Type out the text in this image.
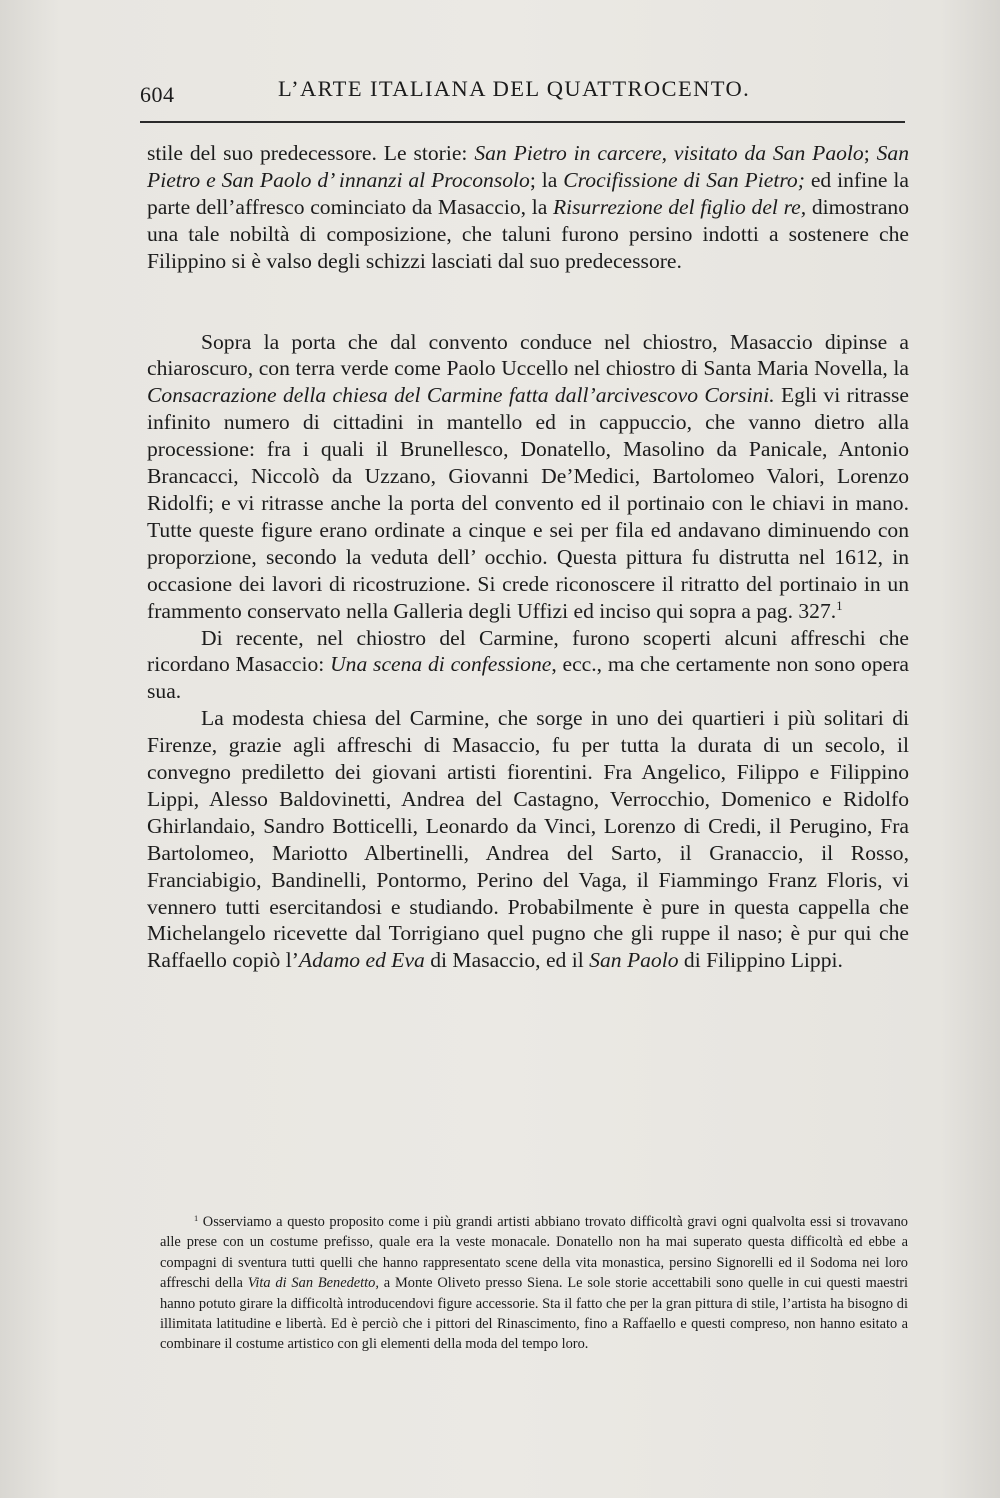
604	L’ARTE ITALIANA DEL QUATTROCENTO.

stile del suo predecessore. Le storie: San Pietro in carcere, visitato da San Paolo; San Pietro e San Paolo d’ innanzi al Proconsolo; la Crocifissione di San Pietro; ed infine la parte dell’affresco cominciato da Masaccio, la Risurrezione del figlio del re, dimostrano una tale nobiltà di composizione, che taluni furono persino indotti a sostenere che Filippino si è valso degli schizzi lasciati dal suo predecessore.

Sopra la porta che dal convento conduce nel chiostro, Masaccio dipinse a chiaroscuro, con terra verde come Paolo Uccello nel chiostro di Santa Maria Novella, la Consacrazione della chiesa del Carmine fatta dall’arcivescovo Corsini. Egli vi ritrasse infinito numero di cittadini in mantello ed in cappuccio, che vanno dietro alla processione: fra i quali il Brunellesco, Donatello, Masolino da Panicale, Antonio Brancacci, Niccolò da Uzzano, Giovanni De’Medici, Bartolomeo Valori, Lorenzo Ridolfi; e vi ritrasse anche la porta del convento ed il portinaio con le chiavi in mano. Tutte queste figure erano ordinate a cinque e sei per fila ed andavano diminuendo con proporzione, secondo la veduta dell’ occhio. Questa pittura fu distrutta nel 1612, in occasione dei lavori di ricostruzione. Si crede riconoscere il ritratto del portinaio in un frammento conservato nella Galleria degli Uffizi ed inciso qui sopra a pag. 327.$^1$

Di recente, nel chiostro del Carmine, furono scoperti alcuni affreschi che ricordano Masaccio: Una scena di confessione, ecc., ma che certamente non sono opera sua.

La modesta chiesa del Carmine, che sorge in uno dei quartieri i più solitari di Firenze, grazie agli affreschi di Masaccio, fu per tutta la durata di un secolo, il convegno prediletto dei giovani artisti fiorentini. Fra Angelico, Filippo e Filippino Lippi, Alesso Baldovinetti, Andrea del Castagno, Verrocchio, Domenico e Ridolfo Ghirlandaio, Sandro Botticelli, Leonardo da Vinci, Lorenzo di Credi, il Perugino, Fra Bartolomeo, Mariotto Albertinelli, Andrea del Sarto, il Granaccio, il Rosso, Franciabigio, Bandinelli, Pontormo, Perino del Vaga, il Fiammingo Franz Floris, vi vennero tutti esercitandosi e studiando. Probabilmente è pure in questa cappella che Michelangelo ricevette dal Torrigiano quel pugno che gli ruppe il naso; è pur qui che Raffaello copiò l’Adamo ed Eva di Masaccio, ed il San Paolo di Filippino Lippi.

$^1$ Osserviamo a questo proposito come i più grandi artisti abbiano trovato difficoltà gravi ogni qualvolta essi si trovavano alle prese con un costume prefisso, quale era la veste monacale. Donatello non ha mai superato questa difficoltà ed ebbe a compagni di sventura tutti quelli che hanno rappresentato scene della vita monastica, persino Signorelli ed il Sodoma nei loro affreschi della Vita di San Benedetto, a Monte Oliveto presso Siena. Le sole storie accettabili sono quelle in cui questi maestri hanno potuto girare la difficoltà introducendovi figure accessorie. Sta il fatto che per la gran pittura di stile, l’artista ha bisogno di illimitata latitudine e libertà. Ed è perciò che i pittori del Rinascimento, fino a Raffaello e questi compreso, non hanno esitato a combinare il costume artistico con gli elementi della moda del tempo loro.
